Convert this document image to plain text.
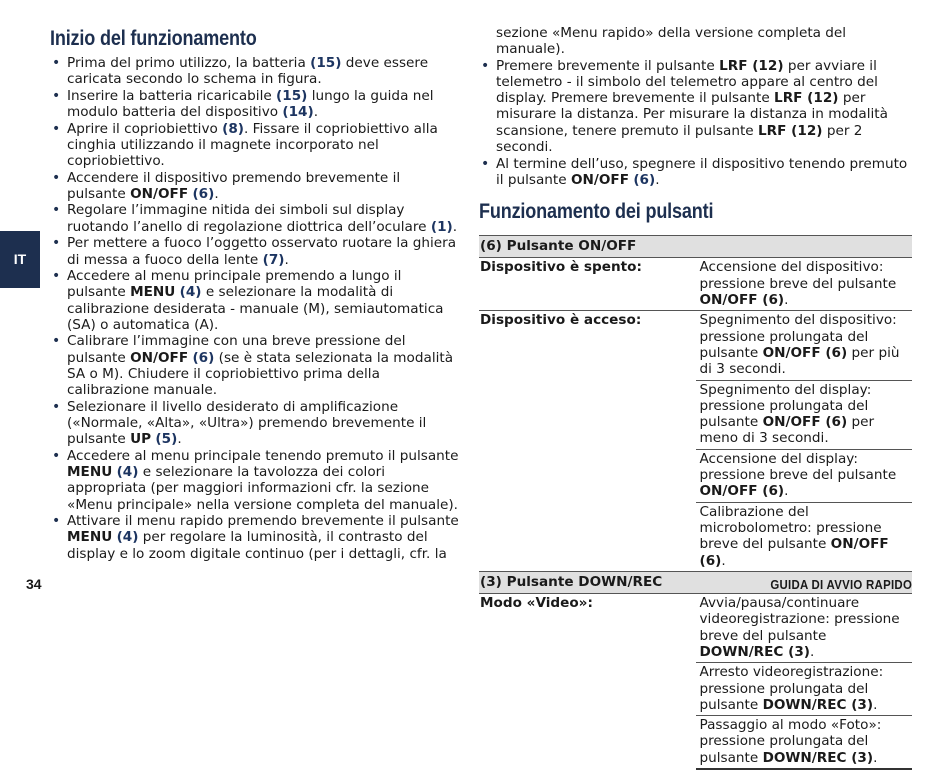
IT
Inizio del funzionamento
• Prima del primo utilizzo, la batteria (15) deve essere caricata secondo lo schema in figura.
• Inserire la batteria ricaricabile (15) lungo la guida nel modulo batteria del dispositivo (14).
• Aprire il copriobiettivo (8). Fissare il copriobiettivo alla cinghia utilizzando il magnete incorporato nel copriobiettivo.
• Accendere il dispositivo premendo brevemente il pulsante ON/OFF (6).
• Regolare l’immagine nitida dei simboli sul display ruotando l’anello di regolazione diottrica dell’oculare (1).
• Per mettere a fuoco l’oggetto osservato ruotare la ghiera di messa a fuoco della lente (7).
• Accedere al menu principale premendo a lungo il pulsante MENU (4) e selezionare la modalità di calibrazione desiderata - manuale (M), semiautomatica (SA) o automatica (A).
• Calibrare l’immagine con una breve pressione del pulsante ON/OFF (6) (se è stata selezionata la modalità SA o M). Chiudere il copriobiettivo prima della calibrazione manuale.
• Selezionare il livello desiderato di amplificazione («Normale, «Alta», «Ultra») premendo brevemente il pulsante UP (5).
• Accedere al menu principale tenendo premuto il pulsante MENU (4) e selezionare la tavolozza dei colori appropriata (per maggiori informazioni cfr. la sezione «Menu principale» nella versione completa del manuale).
• Attivare il menu rapido premendo brevemente il pulsante MENU (4) per regolare la luminosità, il contrasto del display e lo zoom digitale continuo (per i dettagli, cfr. la
sezione «Menu rapido» della versione completa del manuale).
• Premere brevemente il pulsante LRF (12) per avviare il telemetro - il simbolo del telemetro appare al centro del display. Premere brevemente il pulsante LRF (12) per misurare la distanza. Per misurare la distanza in modalità scansione, tenere premuto il pulsante LRF (12) per 2 secondi.
• Al termine dell’uso, spegnere il dispositivo tenendo premuto il pulsante ON/OFF (6).
Funzionamento dei pulsanti
(6) Pulsante ON/OFF	
Dispositivo è spento:	Accensione del dispositivo: pressione breve del pulsante ON/OFF (6).
Dispositivo è acceso:	Spegnimento del dispositivo: pressione prolungata del pulsante ON/OFF (6) per più di 3 secondi.
	Spegnimento del display: pressione prolungata del pulsante ON/OFF (6) per meno di 3 secondi.
	Accensione del display: pressione breve del pulsante ON/OFF (6).
	Calibrazione del microbolometro: pressione breve del pulsante ON/OFF (6).
(3) Pulsante DOWN/REC	
Modo «Video»:	Avvia/pausa/continuare videoregistrazione: pressione breve del pulsante DOWN/REC (3).
	Arresto videoregistrazione: pressione prolungata del pulsante DOWN/REC (3).
	Passaggio al modo «Foto»: pressione prolungata del pulsante DOWN/REC (3).
34	GUIDA DI AVVIO RAPIDO
